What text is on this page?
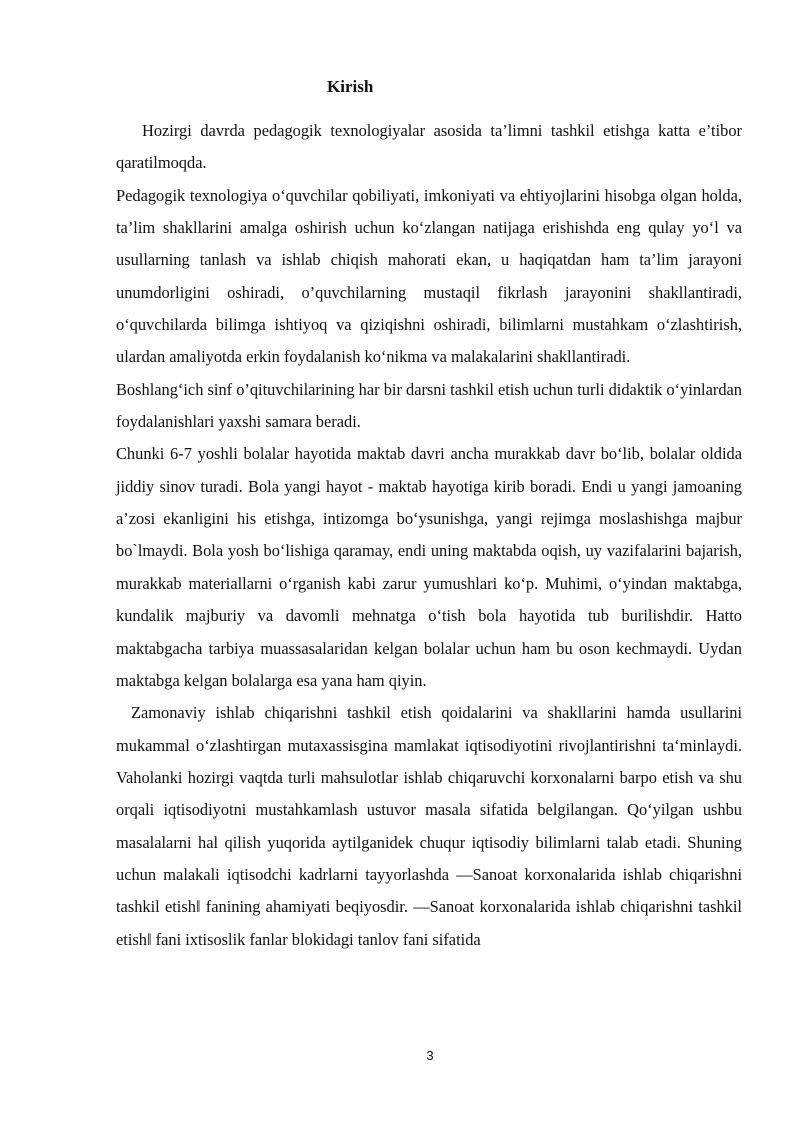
Kirish

Hozirgi davrda pedagogik texnologiyalar asosida ta’limni tashkil etishga katta e’tibor qaratilmoqda.

Pedagogik texnologiya o‘quvchilar qobiliyati, imkoniyati va ehtiyojlarini hisobga olgan holda, ta’lim shakllarini amalga oshirish uchun ko‘zlangan natijaga erishishda eng qulay yo‘l va usullarning tanlash va ishlab chiqish mahorati ekan, u haqiqatdan ham ta’lim jarayoni unumdorligini oshiradi, o’quvchilarning mustaqil fikrlash jarayonini shakllantiradi, o‘quvchilarda bilimga ishtiyoq va qiziqishni oshiradi, bilimlarni mustahkam o‘zlashtirish, ulardan amaliyotda erkin foydalanish ko‘nikma va malakalarini shakllantiradi.

Boshlang‘ich sinf o’qituvchilarining har bir darsni tashkil etish uchun turli didaktik o‘yinlardan foydalanishlari yaxshi samara beradi.

Chunki 6-7 yoshli bolalar hayotida maktab davri ancha murakkab davr bo‘lib, bolalar oldida jiddiy sinov turadi. Bola yangi hayot - maktab hayotiga kirib boradi. Endi u yangi jamoaning a’zosi ekanligini his etishga, intizomga bo‘ysunishga, yangi rejimga moslashishga majbur bo`lmaydi. Bola yosh bo‘lishiga qaramay, endi uning maktabda oqish, uy vazifalarini bajarish, murakkab materiallarni o‘rganish kabi zarur yumushlari ko‘p. Muhimi, o‘yindan maktabga, kundalik majburiy va davomli mehnatga o‘tish bola hayotida tub burilishdir. Hatto maktabgacha tarbiya muassasalaridan kelgan bolalar uchun ham bu oson kechmaydi. Uydan maktabga kelgan bolalarga esa yana ham qiyin.

Zamonaviy ishlab chiqarishni tashkil etish qoidalarini va shakllarini hamda usullarini mukammal o‘zlashtirgan mutaxassisgina mamlakat iqtisodiyotini rivojlantirishni ta‘minlaydi. Vaholanki hozirgi vaqtda turli mahsulotlar ishlab chiqaruvchi korxonalarni barpo etish va shu orqali iqtisodiyotni mustahkamlash ustuvor masala sifatida belgilangan. Qo‘yilgan ushbu masalalarni hal qilish yuqorida aytilganidek chuqur iqtisodiy bilimlarni talab etadi. Shuning uchun malakali iqtisodchi kadrlarni tayyorlashda ―Sanoat korxonalarida ishlab chiqarishni tashkil etish‖ fanining ahamiyati beqiyosdir. ―Sanoat korxonalarida ishlab chiqarishni tashkil etish‖ fani ixtisoslik fanlar blokidagi tanlov fani sifatida

3
